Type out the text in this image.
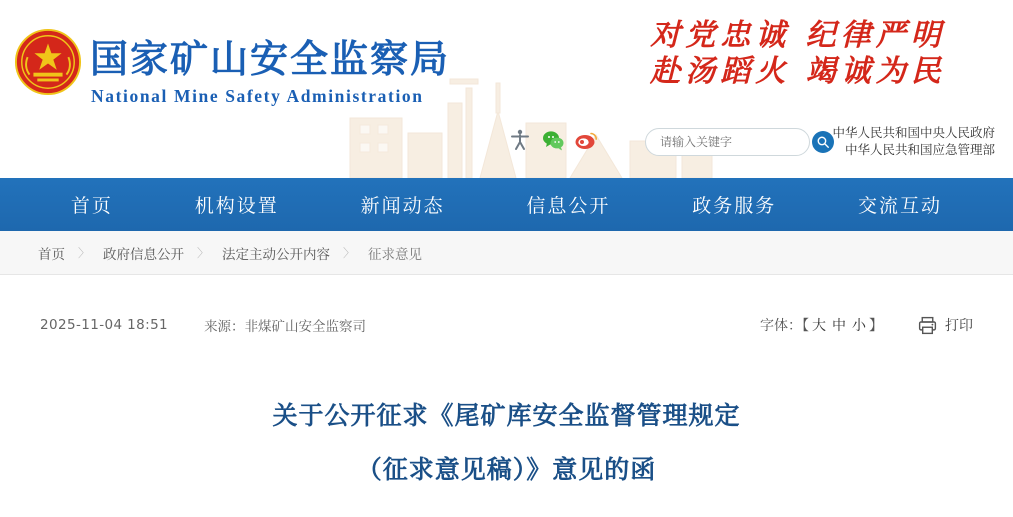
国家矿山安全监察局
National Mine Safety Administration
对党忠诚 纪律严明
赴汤蹈火 竭诚为民
中华人民共和国中央人民政府
中华人民共和国应急管理部
请输入关键字
首页	机构设置	新闻动态	信息公开	政务服务	交流互动
首页 〉 政府信息公开 〉 法定主动公开内容 〉 征求意见
2025-11-04 18:51	来源： 非煤矿山安全监察司	字体：【 大 中 小 】	打印
关于公开征求《尾矿库安全监督管理规定
（征求意见稿）》意见的函
